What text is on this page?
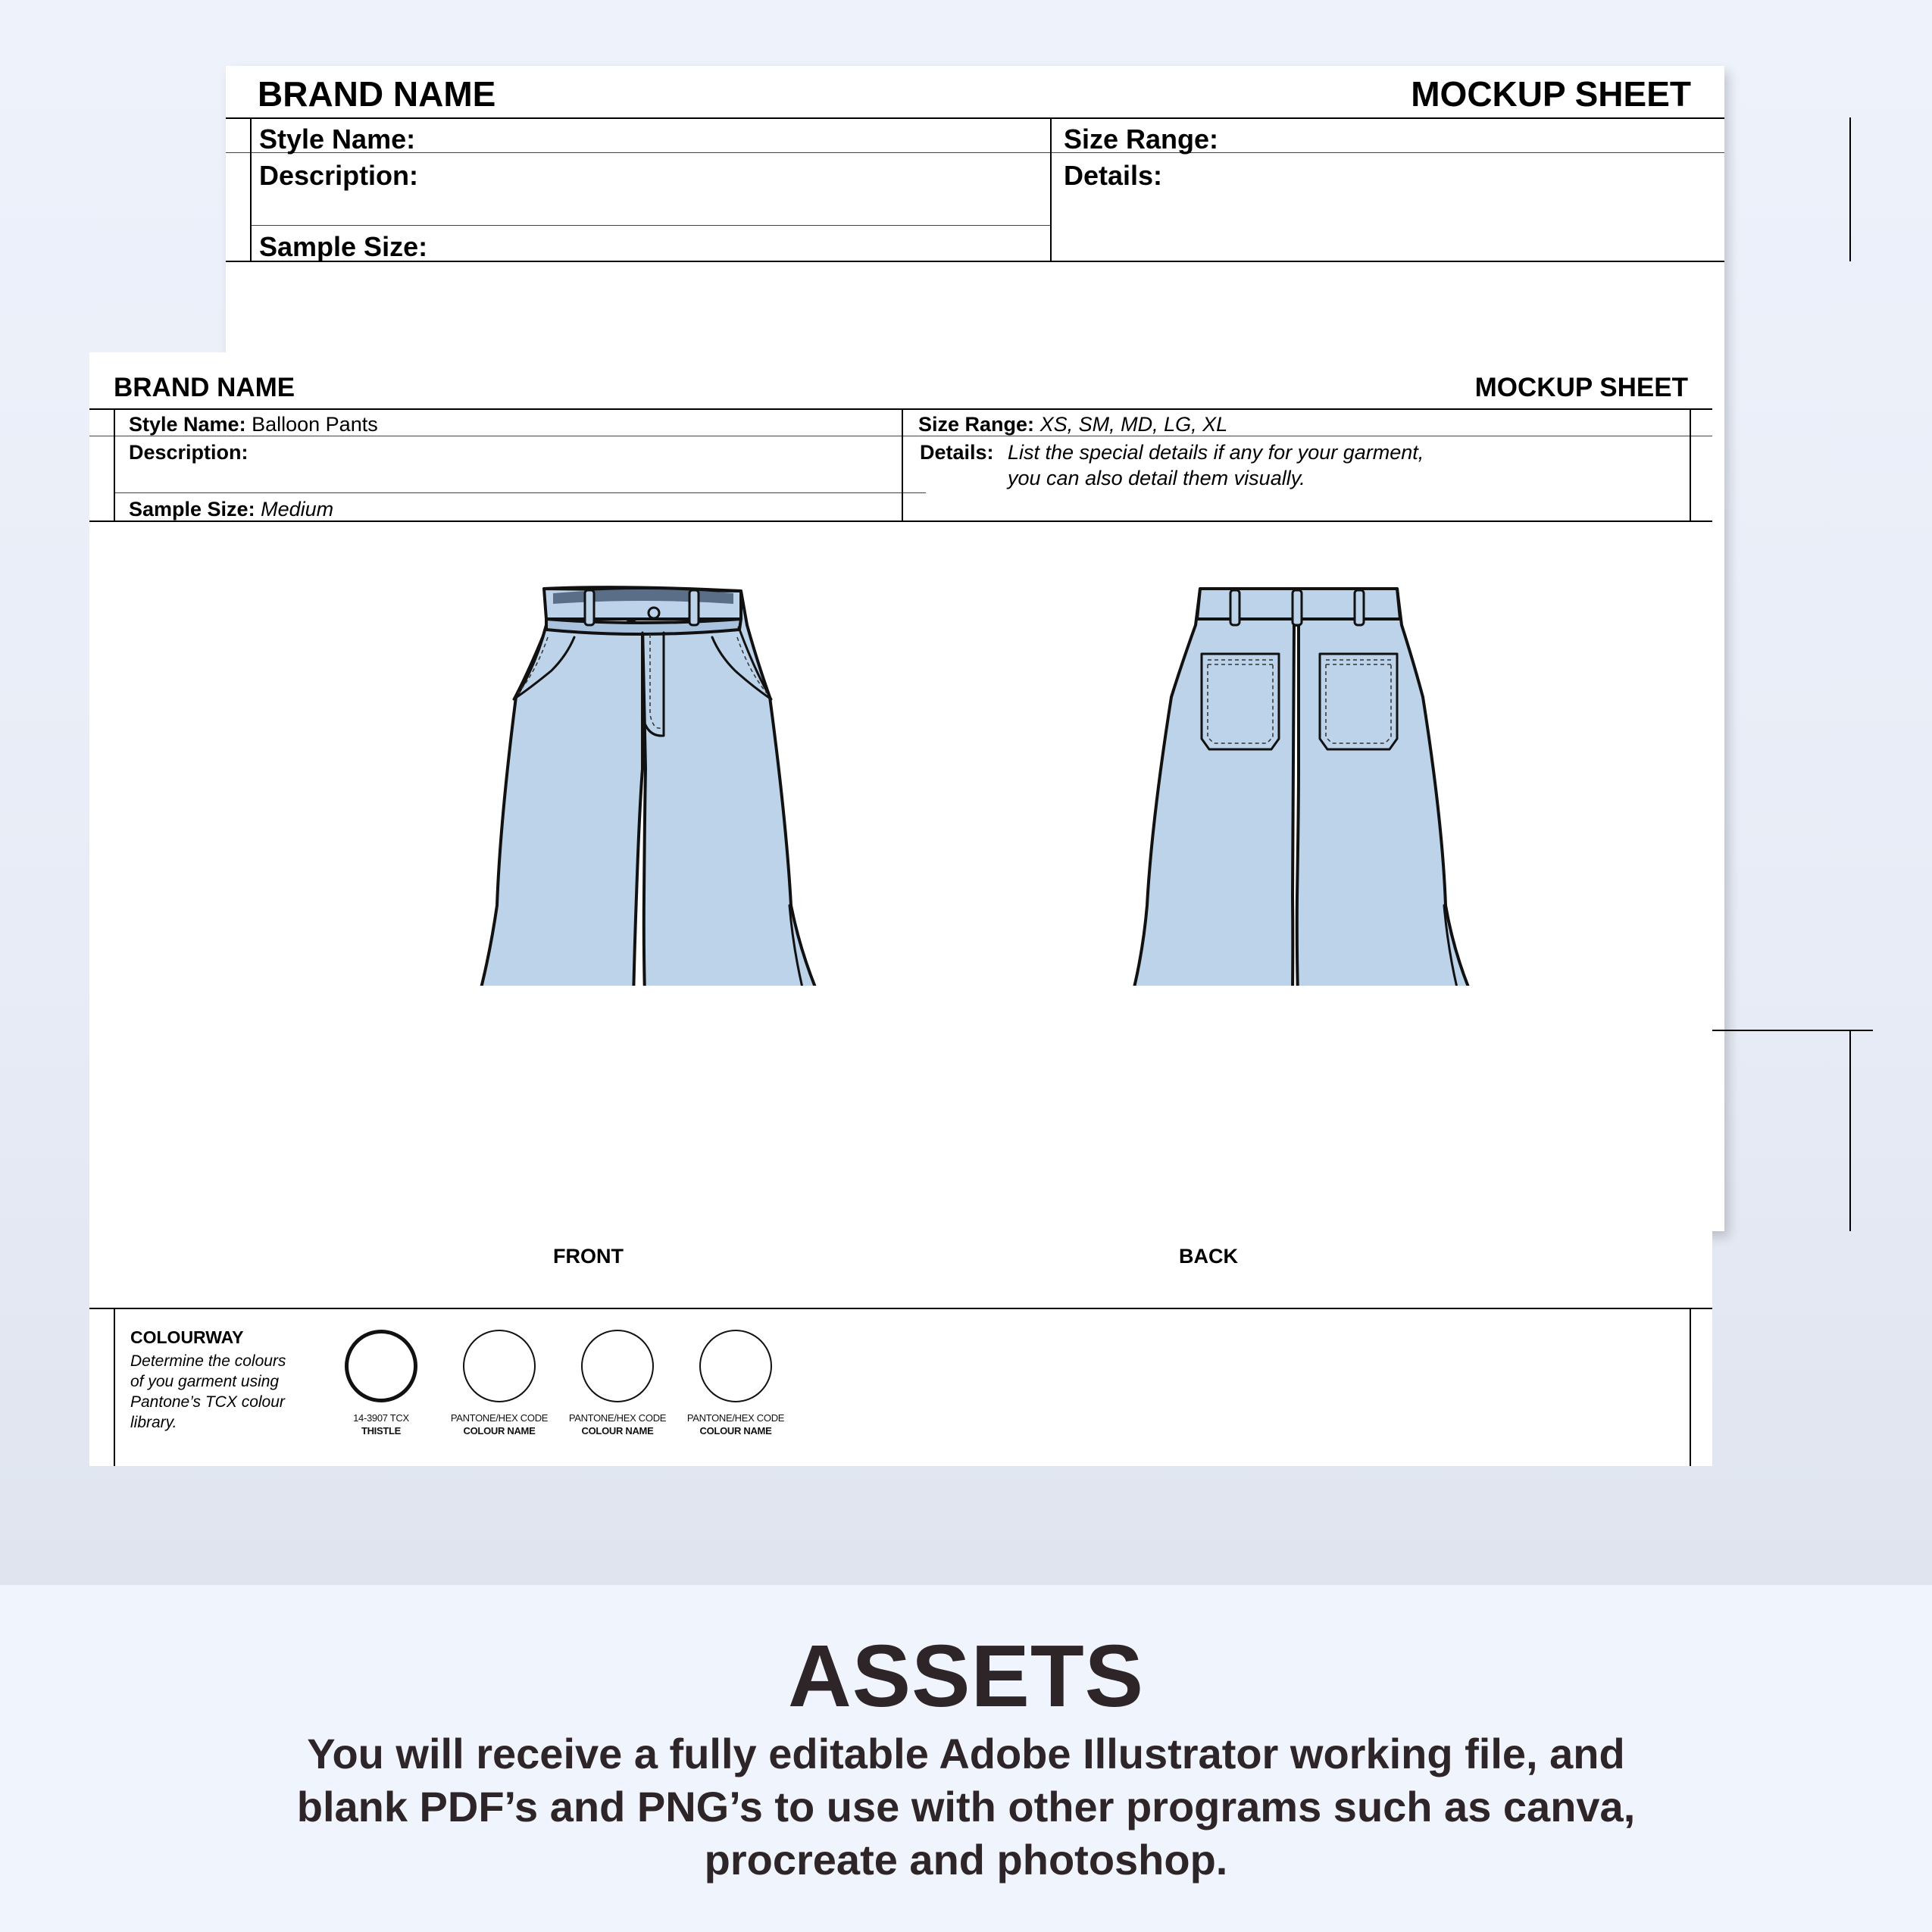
BRAND NAME	MOCKUP SHEET
Style Name:
Description:
Sample Size:
Size Range:
Details:
BRAND NAME	MOCKUP SHEET
Style Name: Balloon Pants
Description:
Sample Size: Medium
Size Range: XS, SM, MD, LG, XL
Details: List the special details if any for your garment,
you can also detail them visually.
FRONT	BACK
COLOURWAY
Determine the colours
of you garment using
Pantone’s TCX colour
library.	14-3907 TCX
THISTLE
PANTONE/HEX CODE
COLOUR NAME
PANTONE/HEX CODE
COLOUR NAME
PANTONE/HEX CODE
COLOUR NAME
ASSETS
You will receive a fully editable Adobe Illustrator working file, and blank PDF’s and PNG’s to use with other programs such as canva, procreate and photoshop.
